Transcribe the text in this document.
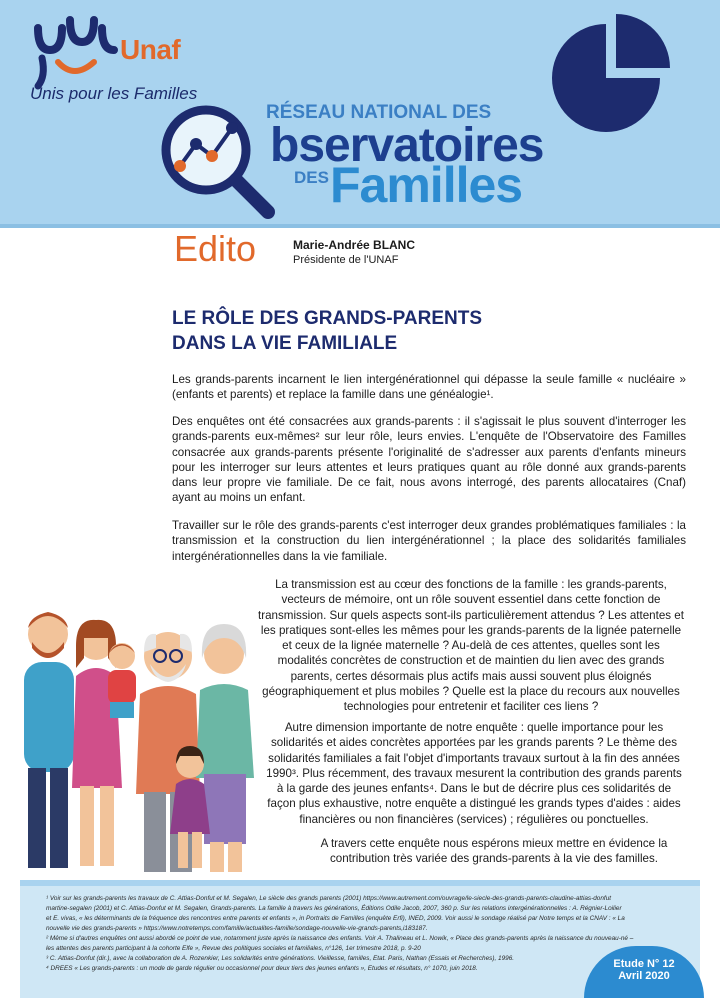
Unaf
Unis pour les Familles
RÉSEAU NATIONAL DES
bservatoires
DES Familles
Edito	Marie-Andrée BLANC
Présidente de l'UNAF
LE RÔLE DES GRANDS-PARENTS
DANS LA VIE FAMILIALE

Les grands-parents incarnent le lien intergénérationnel qui dépasse la seule famille « nucléaire » (enfants et parents) et replace la famille dans une généalogie¹.

Des enquêtes ont été consacrées aux grands-parents : il s'agissait le plus souvent d'interroger les grands-parents eux-mêmes² sur leur rôle, leurs envies. L'enquête de l'Observatoire des Familles consacrée aux grands-parents présente l'originalité de s'adresser aux parents d'enfants mineurs pour les interroger sur leurs attentes et leurs pratiques quant au rôle donné aux grands-parents dans leur propre vie familiale. De ce fait, nous avons interrogé, des parents allocataires (Cnaf) ayant au moins un enfant.

Travailler sur le rôle des grands-parents c'est interroger deux grandes problématiques familiales : la transmission et la construction du lien intergénérationnel ; la place des solidarités familiales intergénérationnelles dans la vie familiale.

La transmission est au cœur des fonctions de la famille : les grands-parents, vecteurs de mémoire, ont un rôle souvent essentiel dans cette fonction de transmission. Sur quels aspects sont-ils particulièrement attendus ? Les attentes et les pratiques sont-elles les mêmes pour les grands-parents de la lignée paternelle et ceux de la lignée maternelle ? Au-delà de ces attentes, quelles sont les modalités concrètes de construction et de maintien du lien avec des grands parents, certes désormais plus actifs mais aussi souvent plus éloignés géographiquement et plus mobiles ? Quelle est la place du recours aux nouvelles technologies pour entretenir et faciliter ces liens ?

Autre dimension importante de notre enquête : quelle importance pour les solidarités et aides concrètes apportées par les grands parents ? Le thème des solidarités familiales a fait l'objet d'importants travaux surtout à la fin des années 1990³. Plus récemment, des travaux mesurent la contribution des grands parents à la garde des jeunes enfants⁴. Dans le but de décrire plus ces solidarités de façon plus exhaustive, notre enquête a distingué les grands types d'aides : aides financières ou non financières (services) ; régulières ou ponctuelles.

A travers cette enquête nous espérons mieux mettre en évidence la contribution très variée des grands-parents à la vie des familles.

¹ Voir sur les grands-parents les travaux de C. Attias-Donfut et M. Segalen, Le siècle des grands parents (2001) https://www.autrement.com/ouvrage/le-siecle-des-grands-parents-claudine-attias-donfut
martine-segalen (2001) et C. Attias-Donfut et M. Segalen, Grands-parents. La famille à travers les générations, Éditions Odile Jacob, 2007, 360 p. Sur les relations intergénérationnelles : A. Régnier-Loilier
et E. vivas, « les déterminants de la fréquence des rencontres entre parents et enfants », in Portraits de Familles (enquête Erfi), INED, 2009. Voir aussi le sondage réalisé par Notre temps et la CNAV : « La
nouvelle vie des grands-parents » https://www.notretemps.com/famille/actualites-famille/sondage-nouvelle-vie-grands-parents,i183187.
² Même si d'autres enquêtes ont aussi abordé ce point de vue, notamment juste après la naissance des enfants. Voir A. Thalineau et L. Nowik, « Place des grands-parents après la naissance du nouveau-né –
les attentes des parents participant à la cohorte Elfe », Revue des politiques sociales et familiales, n°126, 1er trimestre 2018, p. 9-20
³ C. Attias-Donfut (dir.), avec la collaboration de A. Rozenkier, Les solidarités entre générations. Vieillesse, familles, Etat. Paris, Nathan (Essais et Recherches), 1996.
⁴ DREES « Les grands-parents : un mode de garde régulier ou occasionnel pour deux tiers des jeunes enfants », Etudes et résultats, n° 1070, juin 2018.	Etude N° 12
Avril 2020
